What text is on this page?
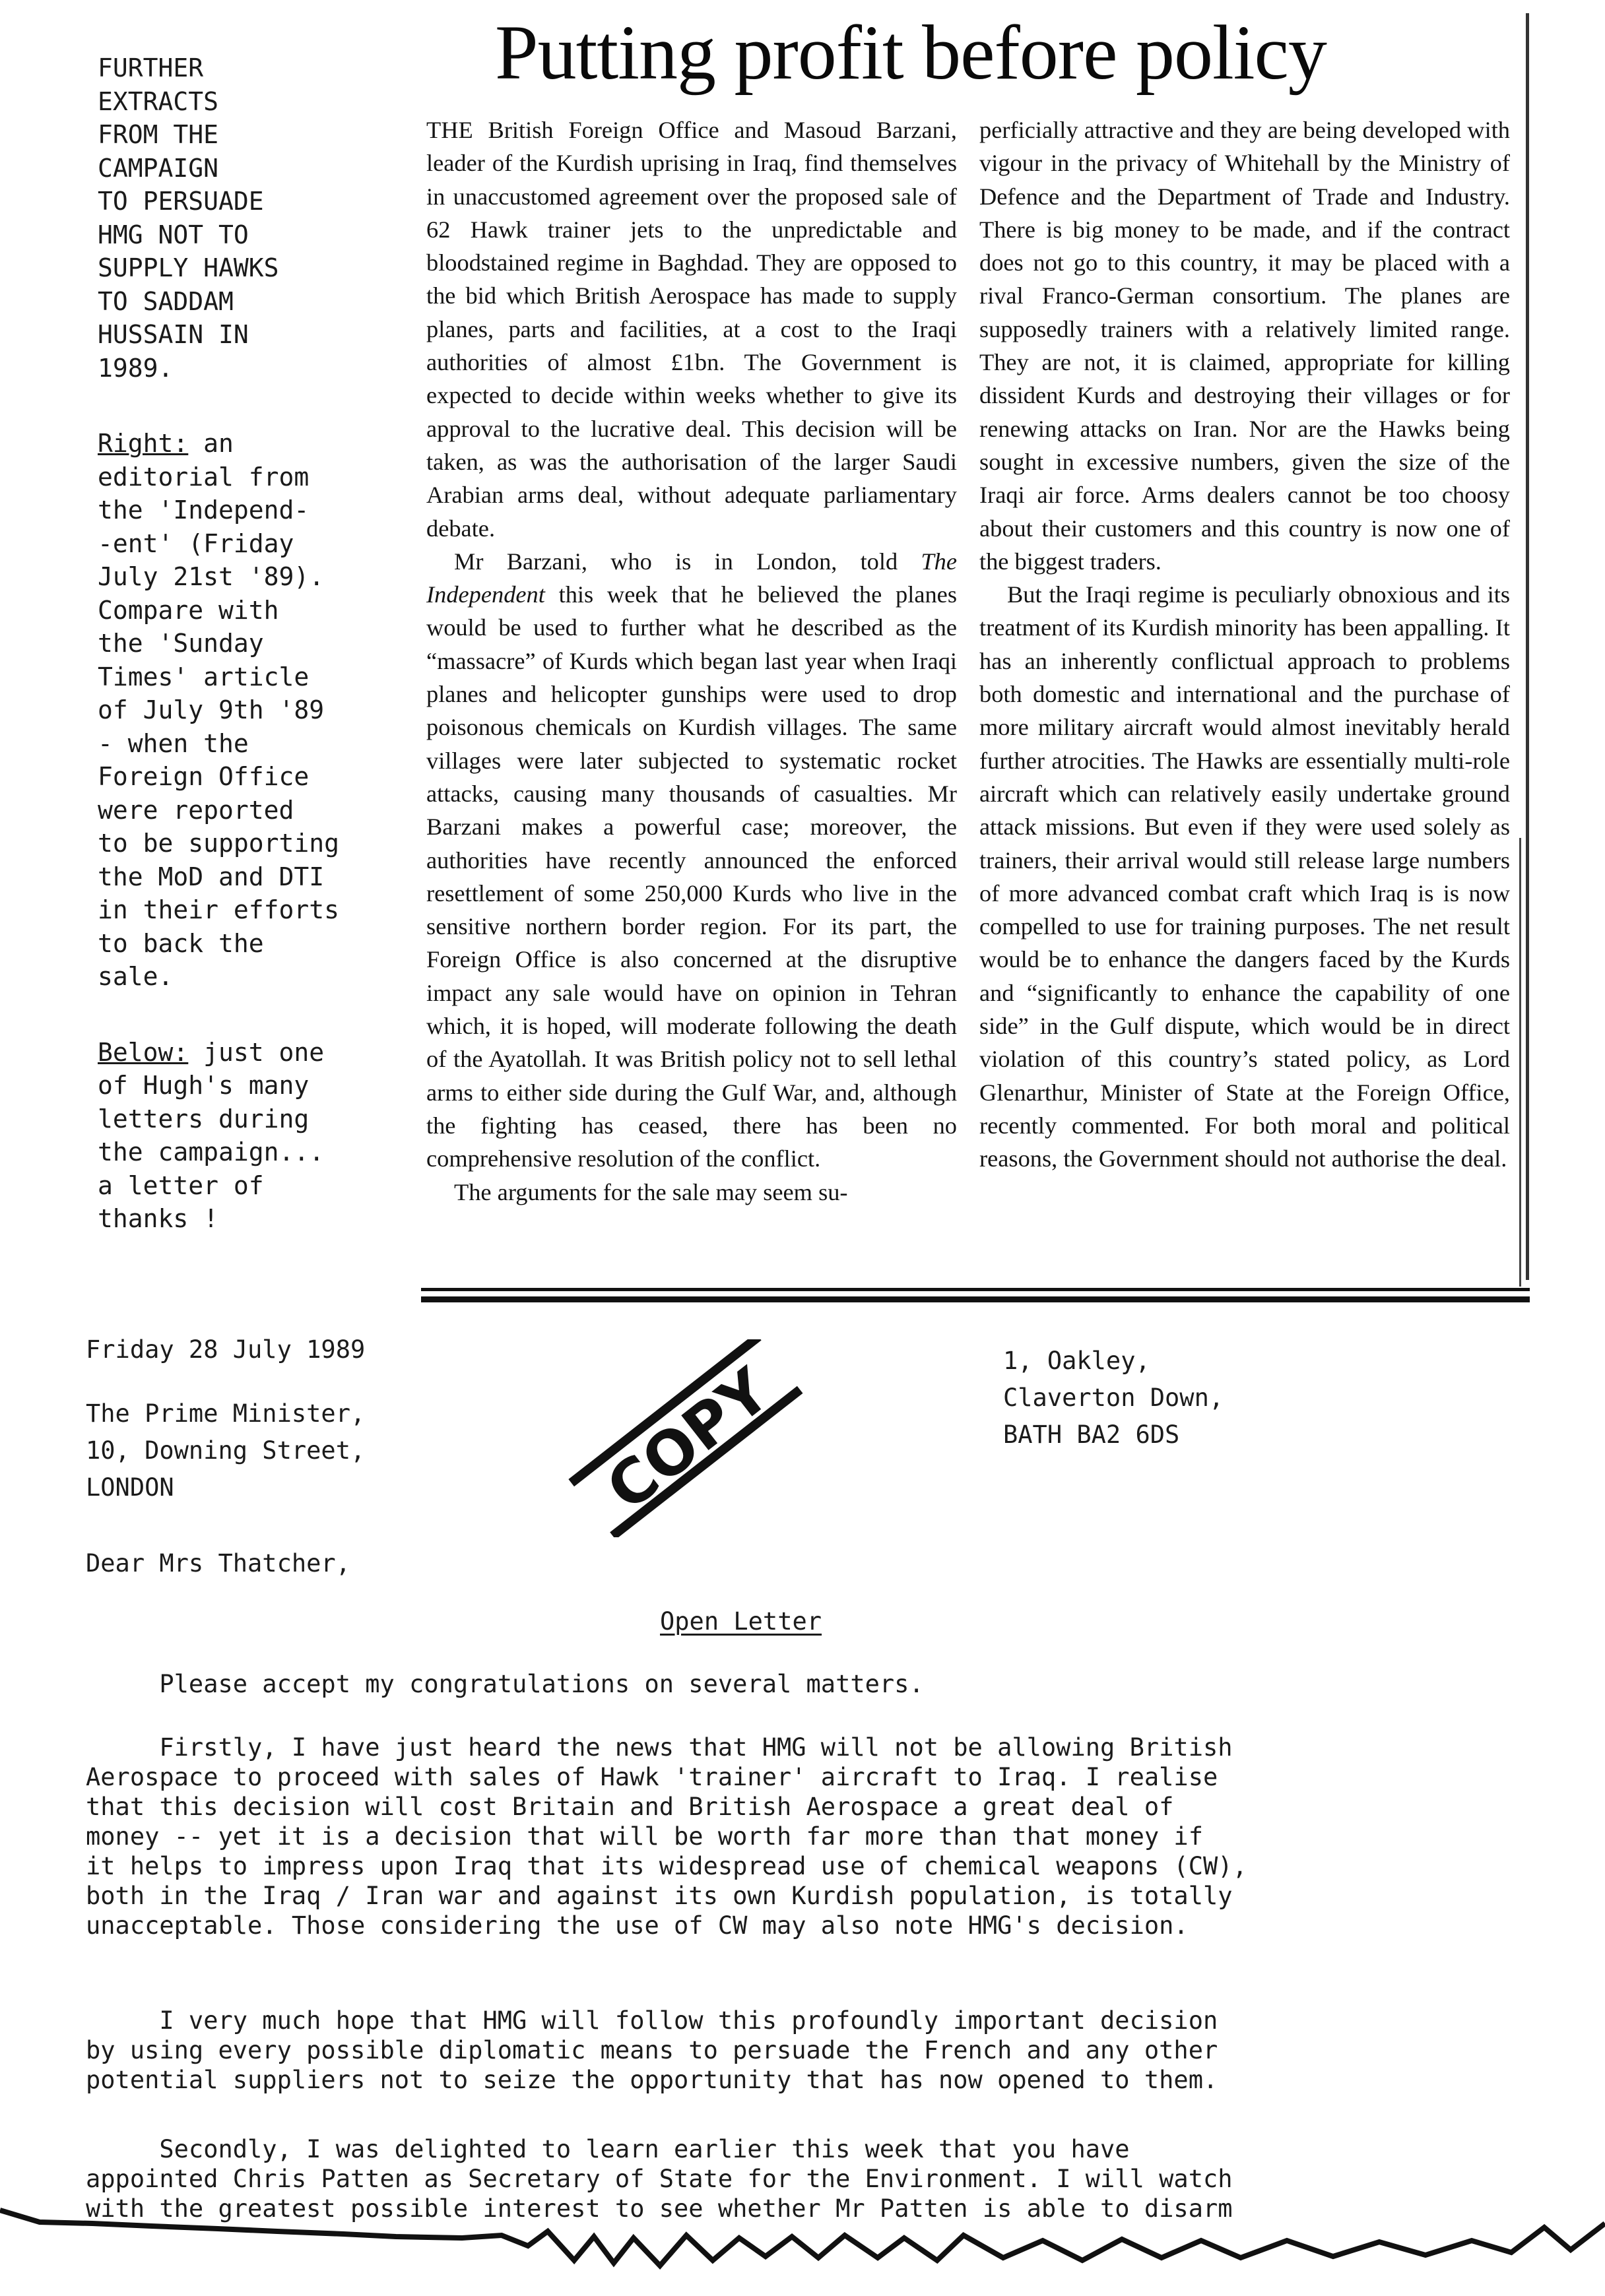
FURTHER
EXTRACTS
FROM THE
CAMPAIGN
TO PERSUADE
HMG NOT TO
SUPPLY HAWKS
TO SADDAM
HUSSAIN IN
1989.

Right: an
editorial from
the 'Independ-
-ent' (Friday
July 21st '89).
Compare with
the 'Sunday
Times' article
of July 9th '89
- when the
Foreign Office
were reported
to be supporting
the MoD and DTI
in their efforts
to back the
sale.

Below: just one
of Hugh's many
letters during
the campaign...
a letter of
thanks !

Putting profit before policy

THE British Foreign Office and Masoud Barzani, leader of the Kurdish uprising in Iraq, find themselves in unaccustomed agreement over the proposed sale of 62 Hawk trainer jets to the unpredictable and bloodstained regime in Baghdad. They are opposed to the bid which British Aerospace has made to supply planes, parts and facilities, at a cost to the Iraqi authorities of almost £1bn. The Government is expected to decide within weeks whether to give its approval to the lucrative deal. This decision will be taken, as was the authorisation of the larger Saudi Arabian arms deal, without adequate parliamentary debate.

Mr Barzani, who is in London, told The Independent this week that he believed the planes would be used to further what he described as the “massacre” of Kurds which began last year when Iraqi planes and helicopter gunships were used to drop poisonous chemicals on Kurdish villages. The same villages were later subjected to systematic rocket attacks, causing many thousands of casualties. Mr Barzani makes a powerful case; moreover, the authorities have recently announced the enforced resettlement of some 250,000 Kurds who live in the sensitive northern border region. For its part, the Foreign Office is also concerned at the disruptive impact any sale would have on opinion in Tehran which, it is hoped, will moderate following the death of the Ayatollah. It was British policy not to sell lethal arms to either side during the Gulf War, and, although the fighting has ceased, there has been no comprehensive resolution of the conflict.

The arguments for the sale may seem su-

perficially attractive and they are being developed with vigour in the privacy of Whitehall by the Ministry of Defence and the Department of Trade and Industry. There is big money to be made, and if the contract does not go to this country, it may be placed with a rival Franco-German consortium. The planes are supposedly trainers with a relatively limited range. They are not, it is claimed, appropriate for killing dissident Kurds and destroying their villages or for renewing attacks on Iran. Nor are the Hawks being sought in excessive numbers, given the size of the Iraqi air force. Arms dealers cannot be too choosy about their customers and this country is now one of the biggest traders.

But the Iraqi regime is peculiarly obnoxious and its treatment of its Kurdish minority has been appalling. It has an inherently conflictual approach to problems both domestic and international and the purchase of more military aircraft would almost inevitably herald further atrocities. The Hawks are essentially multi-role aircraft which can relatively easily undertake ground attack missions. But even if they were used solely as trainers, their arrival would still release large numbers of more advanced combat craft which Iraq is is now compelled to use for training purposes. The net result would be to enhance the dangers faced by the Kurds and “significantly to enhance the capability of one side” in the Gulf dispute, which would be in direct violation of this country’s stated policy, as Lord Glenarthur, Minister of State at the Foreign Office, recently commented. For both moral and political reasons, the Government should not authorise the deal.

Friday 28 July 1989

The Prime Minister,
10, Downing Street,
LONDON

1, Oakley,
Claverton Down,
BATH BA2 6DS

Dear Mrs Thatcher,

Open Letter

Please accept my congratulations on several matters.

Firstly, I have just heard the news that HMG will not be allowing British
Aerospace to proceed with sales of Hawk 'trainer' aircraft to Iraq. I realise
that this decision will cost Britain and British Aerospace a great deal of
money -- yet it is a decision that will be worth far more than that money if
it helps to impress upon Iraq that its widespread use of chemical weapons (CW),
both in the Iraq / Iran war and against its own Kurdish population, is totally
unacceptable. Those considering the use of CW may also note HMG's decision.

I very much hope that HMG will follow this profoundly important decision
by using every possible diplomatic means to persuade the French and any other
potential suppliers not to seize the opportunity that has now opened to them.

Secondly, I was delighted to learn earlier this week that you have
appointed Chris Patten as Secretary of State for the Environment. I will watch
with the greatest possible interest to see whether Mr Patten is able to disarm

COPY
